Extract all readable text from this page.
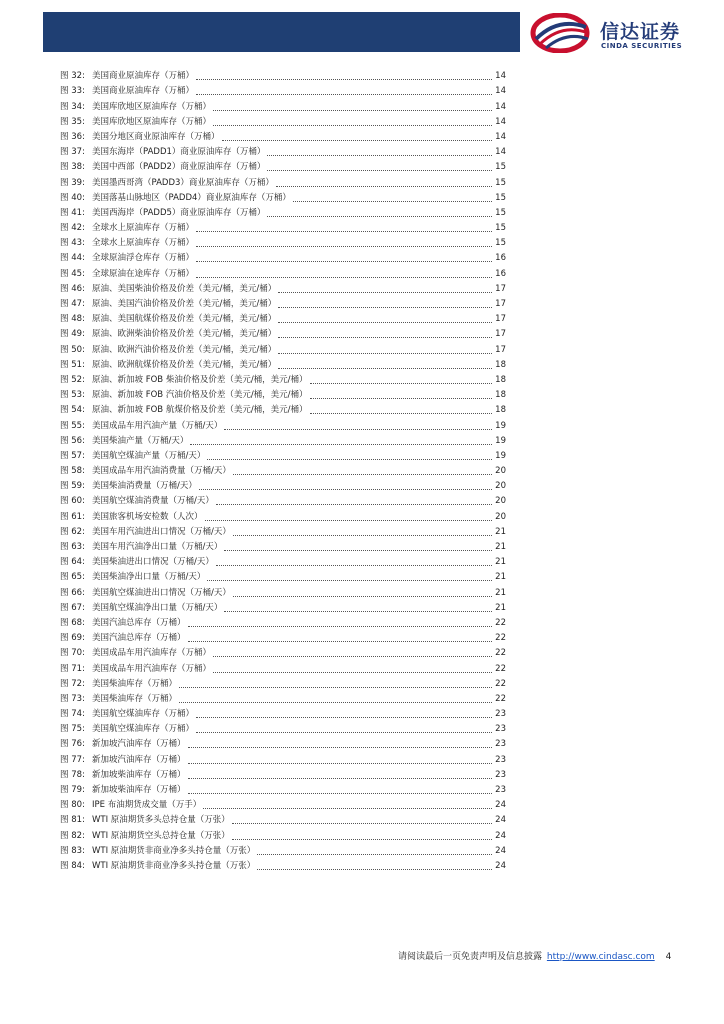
信达证券
CINDA SECURITIES
图 32: 美国商业原油库存（万桶）	14
图 33: 美国商业原油库存（万桶）	14
图 34: 美国库欣地区原油库存（万桶）	14
图 35: 美国库欣地区原油库存（万桶）	14
图 36: 美国分地区商业原油库存（万桶）	14
图 37: 美国东海岸（PADD1）商业原油库存（万桶）	14
图 38: 美国中西部（PADD2）商业原油库存（万桶）	15
图 39: 美国墨西哥湾（PADD3）商业原油库存（万桶）	15
图 40: 美国落基山脉地区（PADD4）商业原油库存（万桶）	15
图 41: 美国西海岸（PADD5）商业原油库存（万桶）	15
图 42: 全球水上原油库存（万桶）	15
图 43: 全球水上原油库存（万桶）	15
图 44: 全球原油浮仓库存（万桶）	16
图 45: 全球原油在途库存（万桶）	16
图 46: 原油、美国柴油价格及价差（美元/桶，美元/桶）	17
图 47: 原油、美国汽油价格及价差（美元/桶，美元/桶）	17
图 48: 原油、美国航煤价格及价差（美元/桶，美元/桶）	17
图 49: 原油、欧洲柴油价格及价差（美元/桶，美元/桶）	17
图 50: 原油、欧洲汽油价格及价差（美元/桶，美元/桶）	17
图 51: 原油、欧洲航煤价格及价差（美元/桶，美元/桶）	18
图 52: 原油、新加坡 FOB 柴油价格及价差（美元/桶，美元/桶）	18
图 53: 原油、新加坡 FOB 汽油价格及价差（美元/桶，美元/桶）	18
图 54: 原油、新加坡 FOB 航煤价格及价差（美元/桶，美元/桶）	18
图 55: 美国成品车用汽油产量（万桶/天）	19
图 56: 美国柴油产量（万桶/天）	19
图 57: 美国航空煤油产量（万桶/天）	19
图 58: 美国成品车用汽油消费量（万桶/天）	20
图 59: 美国柴油消费量（万桶/天）	20
图 60: 美国航空煤油消费量（万桶/天）	20
图 61: 美国旅客机场安检数（人次）	20
图 62: 美国车用汽油进出口情况（万桶/天）	21
图 63: 美国车用汽油净出口量（万桶/天）	21
图 64: 美国柴油进出口情况（万桶/天）	21
图 65: 美国柴油净出口量（万桶/天）	21
图 66: 美国航空煤油进出口情况（万桶/天）	21
图 67: 美国航空煤油净出口量（万桶/天）	21
图 68: 美国汽油总库存（万桶）	22
图 69: 美国汽油总库存（万桶）	22
图 70: 美国成品车用汽油库存（万桶）	22
图 71: 美国成品车用汽油库存（万桶）	22
图 72: 美国柴油库存（万桶）	22
图 73: 美国柴油库存（万桶）	22
图 74: 美国航空煤油库存（万桶）	23
图 75: 美国航空煤油库存（万桶）	23
图 76: 新加坡汽油库存（万桶）	23
图 77: 新加坡汽油库存（万桶）	23
图 78: 新加坡柴油库存（万桶）	23
图 79: 新加坡柴油库存（万桶）	23
图 80: IPE 布油期货成交量（万手）	24
图 81: WTI 原油期货多头总持仓量（万张）	24
图 82: WTI 原油期货空头总持仓量（万张）	24
图 83: WTI 原油期货非商业净多头持仓量（万张）	24
图 84: WTI 原油期货非商业净多头持仓量（万张）	24
请阅读最后一页免责声明及信息披露 http://www.cindasc.com 4
